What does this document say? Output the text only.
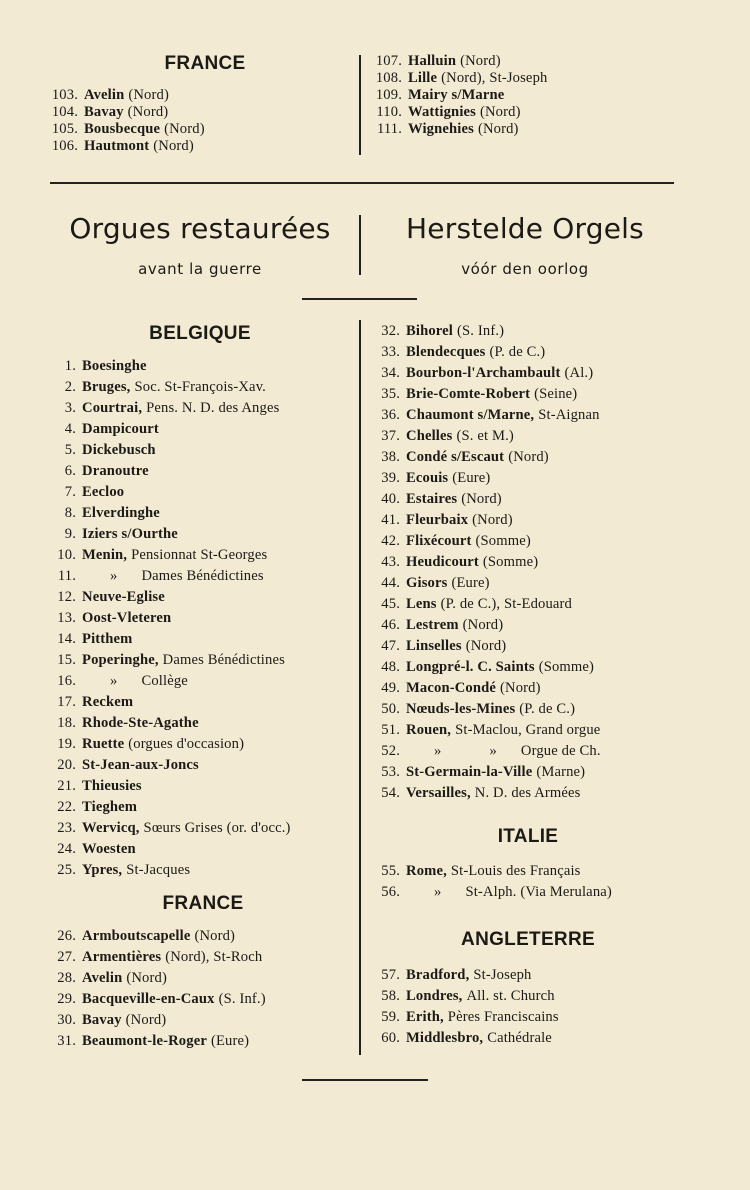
FRANCE
103. Avelin (Nord)
104. Bavay (Nord)
105. Bousbecque (Nord)
106. Hautmont (Nord)
107. Halluin (Nord)
108. Lille (Nord), St-Joseph
109. Mairy s/Marne
110. Wattignies (Nord)
111. Wignehies (Nord)
Orgues restaurées
avant la guerre
Herstelde Orgels
vóór den oorlog
BELGIQUE
1. Boesinghe
2. Bruges, Soc. St-François-Xav.
3. Courtrai, Pens. N. D. des Anges
4. Dampicourt
5. Dickebusch
6. Dranoutre
7. Eecloo
8. Elverdinghe
9. Iziers s/Ourthe
10. Menin, Pensionnat St-Georges
11. » Dames Bénédictines
12. Neuve-Eglise
13. Oost-Vleteren
14. Pitthem
15. Poperinghe, Dames Bénédictines
16. » Collège
17. Reckem
18. Rhode-Ste-Agathe
19. Ruette (orgues d'occasion)
20. St-Jean-aux-Joncs
21. Thieusies
22. Tieghem
23. Wervicq, Sœurs Grises (or. d'occ.)
24. Woesten
25. Ypres, St-Jacques
FRANCE
26. Armboutscapelle (Nord)
27. Armentières (Nord), St-Roch
28. Avelin (Nord)
29. Bacqueville-en-Caux (S. Inf.)
30. Bavay (Nord)
31. Beaumont-le-Roger (Eure)
32. Bihorel (S. Inf.)
33. Blendecques (P. de C.)
34. Bourbon-l'Archambault (Al.)
35. Brie-Comte-Robert (Seine)
36. Chaumont s/Marne, St-Aignan
37. Chelles (S. et M.)
38. Condé s/Escaut (Nord)
39. Ecouis (Eure)
40. Estaires (Nord)
41. Fleurbaix (Nord)
42. Flixécourt (Somme)
43. Heudicourt (Somme)
44. Gisors (Eure)
45. Lens (P. de C.), St-Edouard
46. Lestrem (Nord)
47. Linselles (Nord)
48. Longpré-l. C. Saints (Somme)
49. Macon-Condé (Nord)
50. Nœuds-les-Mines (P. de C.)
51. Rouen, St-Maclou, Grand orgue
52. »	» Orgue de Ch.
53. St-Germain-la-Ville (Marne)
54. Versailles, N. D. des Armées
ITALIE
55. Rome, St-Louis des Français
56. » St-Alph. (Via Merulana)
ANGLETERRE
57. Bradford, St-Joseph
58. Londres, All. st. Church
59. Erith, Pères Franciscains
60. Middlesbro, Cathédrale
